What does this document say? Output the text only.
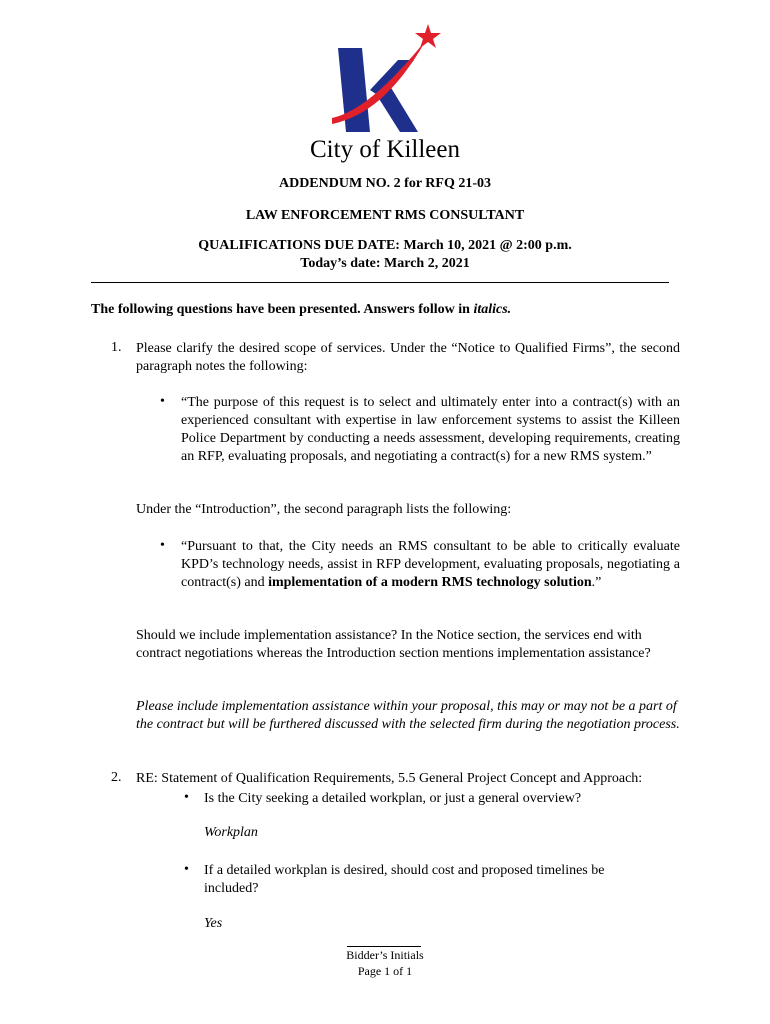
City of Killeen
ADDENDUM NO. 2 for RFQ 21-03
LAW ENFORCEMENT RMS CONSULTANT
QUALIFICATIONS DUE DATE: March 10, 2021 @ 2:00 p.m.
Today’s date: March 2, 2021
The following questions have been presented. Answers follow in italics.
1. Please clarify the desired scope of services. Under the “Notice to Qualified Firms”, the second paragraph notes the following:
• “The purpose of this request is to select and ultimately enter into a contract(s) with an experienced consultant with expertise in law enforcement systems to assist the Killeen Police Department by conducting a needs assessment, developing requirements, creating an RFP, evaluating proposals, and negotiating a contract(s) for a new RMS system.”
Under the “Introduction”, the second paragraph lists the following:
• “Pursuant to that, the City needs an RMS consultant to be able to critically evaluate KPD’s technology needs, assist in RFP development, evaluating proposals, negotiating a contract(s) and implementation of a modern RMS technology solution.”
Should we include implementation assistance? In the Notice section, the services end with contract negotiations whereas the Introduction section mentions implementation assistance?
Please include implementation assistance within your proposal, this may or may not be a part of the contract but will be furthered discussed with the selected firm during the negotiation process.
2. RE: Statement of Qualification Requirements, 5.5 General Project Concept and Approach:
• Is the City seeking a detailed workplan, or just a general overview?
Workplan
• If a detailed workplan is desired, should cost and proposed timelines be included?
Yes
Bidder’s Initials
Page 1 of 1
